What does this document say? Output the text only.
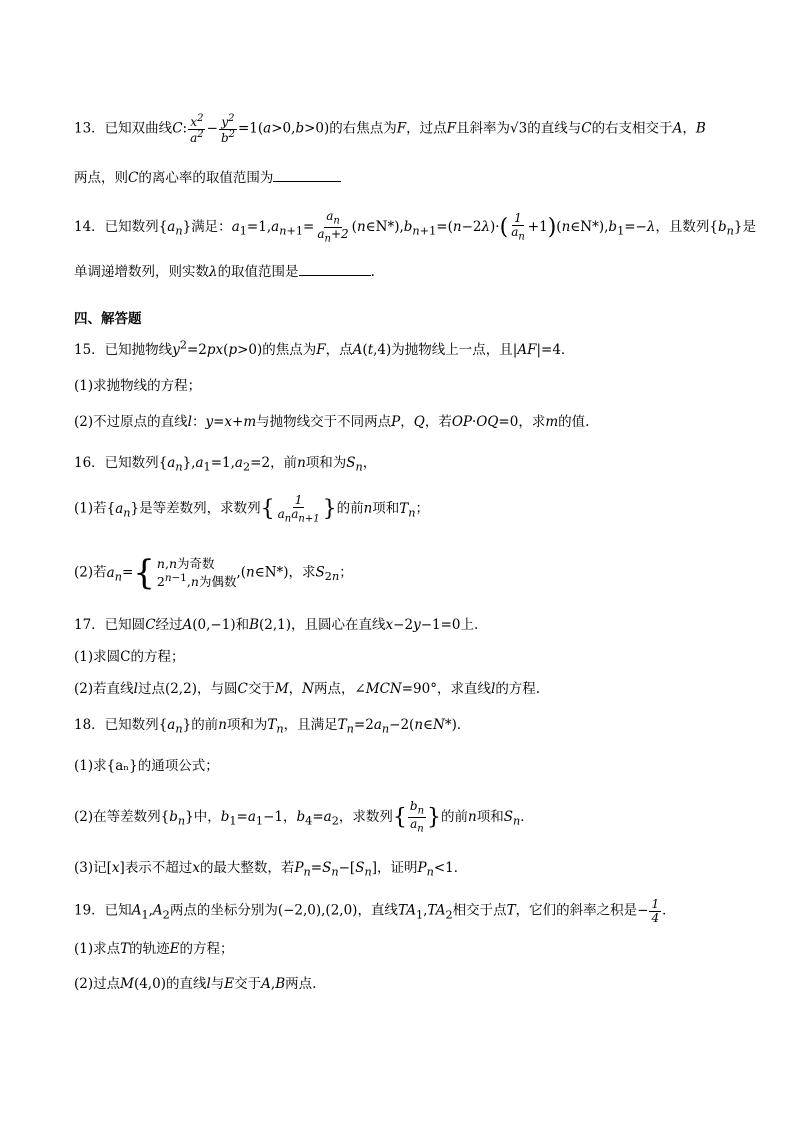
13．已知双曲线C: $\frac{x^2}{a^2} - \frac{y^2}{b^2} =1(a>0,b>0)$的右焦点为F，过点F且斜率为√3的直线与C的右支相交于A，B
两点，则C的离心率的取值范围为
14．已知数列$\{a_n\}$满足：$a_1=1,a_{n+1}= \frac{a_n}{a_n+2}$ $(n\in N*),b_{n+1}=(n-2\lambda)\cdot( \frac{1}{a_n}$ $+1)(n\in N*),b_1=-\lambda$，且数列$\{b_n\}$是
单调递增数列，则实数λ的取值范围是	.
四、解答题
15．已知抛物线$y^2=2px(p>0)$的焦点为F，点A(t,4)为抛物线上一点，且|AF|=4．
(1)求抛物线的方程；
(2)不过原点的直线l：y=x+m与抛物线交于不同两点P，Q，若OP·OQ=0，求m的值.
16．已知数列$\{a_n\},a_1=1,a_2=2$，前n项和为$S_n$，
(1)若$\{a_n\}$是等差数列，求数列{ $\frac{1}{a_na_{n+1}}$ }的前n项和$T_n$；
(2)若$a_n=$ { n,n为奇数
$2^{n-1},n$为偶数
,(n∈N*)，求$S_{2n}$；
17．已知圆C经过A(0,−1)和B(2,1)，且圆心在直线x−2y−1=0上.
(1)求圆C的方程；
(2)若直线l过点(2,2)，与圆C交于M，N两点，∠MCN=90°，求直线l的方程.
18．已知数列$\{a_n\}$的前n项和为$T_n$，且满足$T_n=2a_n-2(n\in N*)$．
(1)求{aₙ}的通项公式；
(2)在等差数列$\{b_n\}$中，$b_1=a_1-1$，$b_4=a_2$，求数列{ $\frac{b_n}{a_n}$ }的前n项和$S_n$．
(3)记[x]表示不超过x的最大整数，若$P_n=S_n-[S_n]$，证明$P_n<1$．
19．已知$A_1,A_2$两点的坐标分别为(−2,0),(2,0)，直线$TA_1,TA_2$相交于点T，它们的斜率之积是− $\frac{1}{4}$ ．
(1)求点T的轨迹E的方程；
(2)过点M(4,0)的直线l与E交于A,B两点.
